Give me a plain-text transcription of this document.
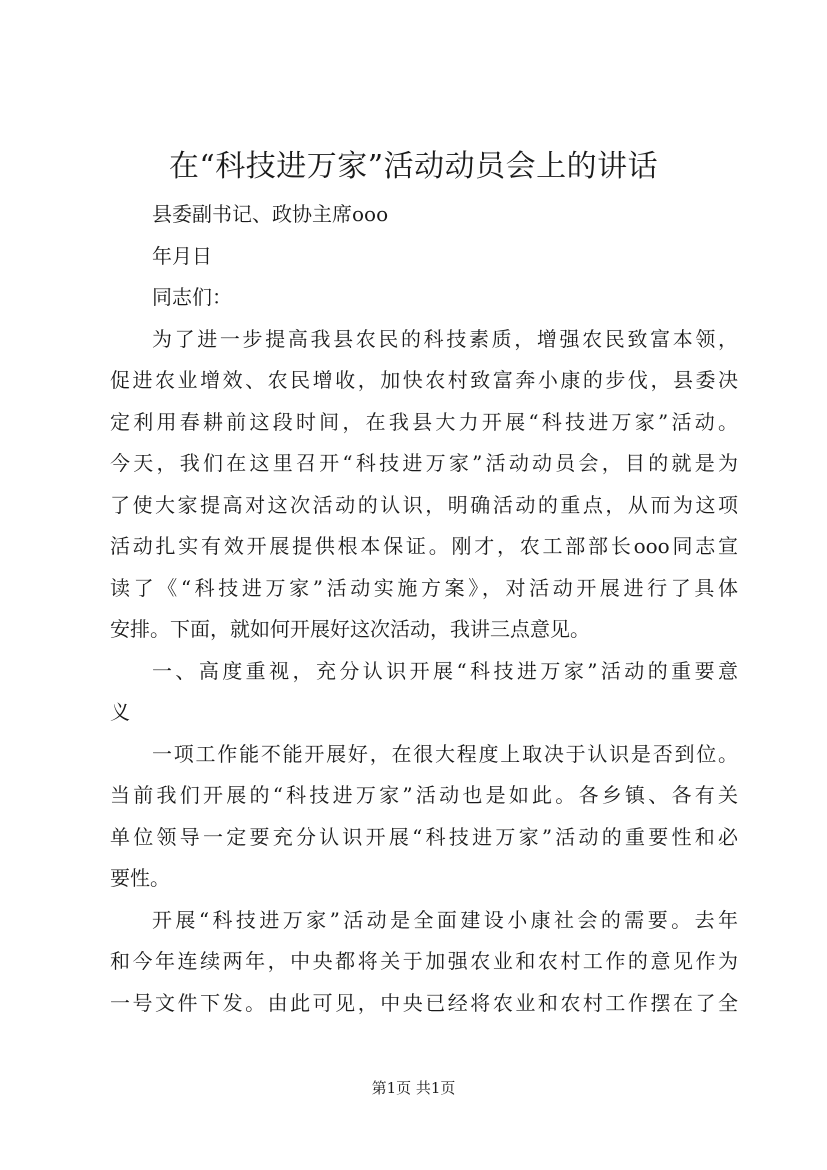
在“科技进万家”活动动员会上的讲话
县委副书记、政协主席ooo
年月日
同志们：
为了进一步提高我县农民的科技素质，增强农民致富本领，
促进农业增效、农民增收，加快农村致富奔小康的步伐，县委决
定利用春耕前这段时间，在我县大力开展“科技进万家”活动。
今天，我们在这里召开“科技进万家”活动动员会，目的就是为
了使大家提高对这次活动的认识，明确活动的重点，从而为这项
活动扎实有效开展提供根本保证。刚才，农工部部长ooo同志宣
读了《“科技进万家”活动实施方案》，对活动开展进行了具体
安排。下面，就如何开展好这次活动，我讲三点意见。
一、高度重视，充分认识开展“科技进万家”活动的重要意
义
一项工作能不能开展好，在很大程度上取决于认识是否到位。
当前我们开展的“科技进万家”活动也是如此。各乡镇、各有关
单位领导一定要充分认识开展“科技进万家”活动的重要性和必
要性。
开展“科技进万家”活动是全面建设小康社会的需要。去年
和今年连续两年，中央都将关于加强农业和农村工作的意见作为
一号文件下发。由此可见，中央已经将农业和农村工作摆在了全
第1页 共1页
